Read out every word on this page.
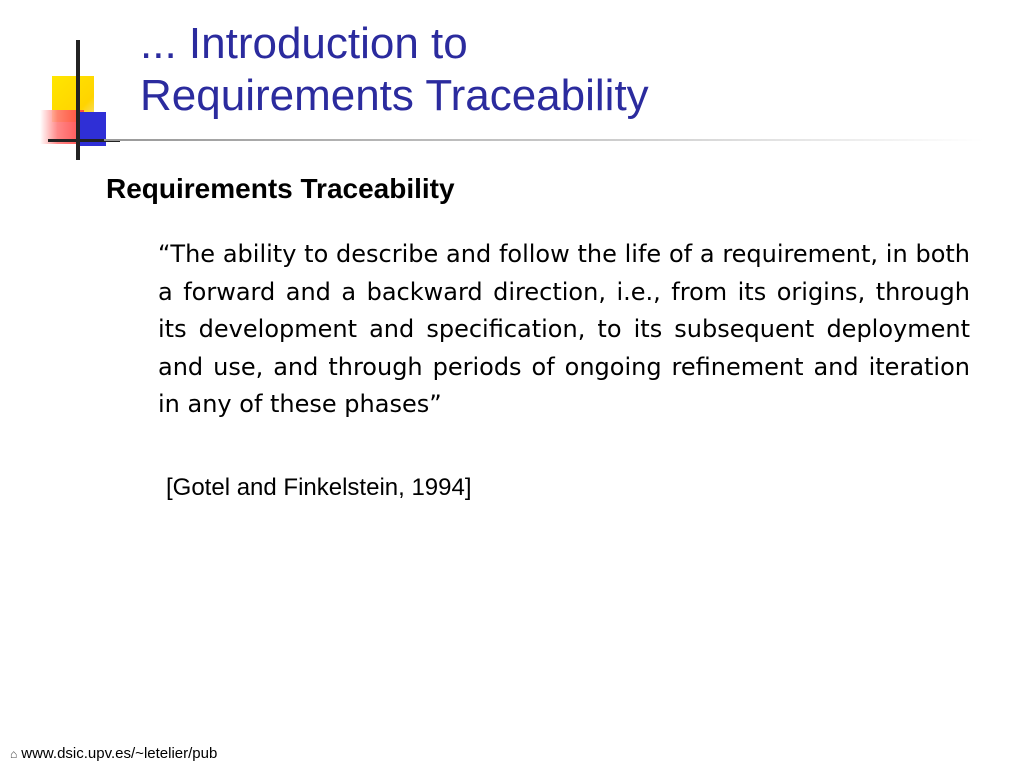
... Introduction to
Requirements Traceability
Requirements Traceability

“The ability to describe and follow the life of a requirement, in both a forward and a backward direction, i.e., from its origins, through its development and specification, to its subsequent deployment and use, and through periods of ongoing refinement and iteration in any of these phases”

[Gotel and Finkelstein, 1994]

⌂ www.dsic.upv.es/~letelier/pub
